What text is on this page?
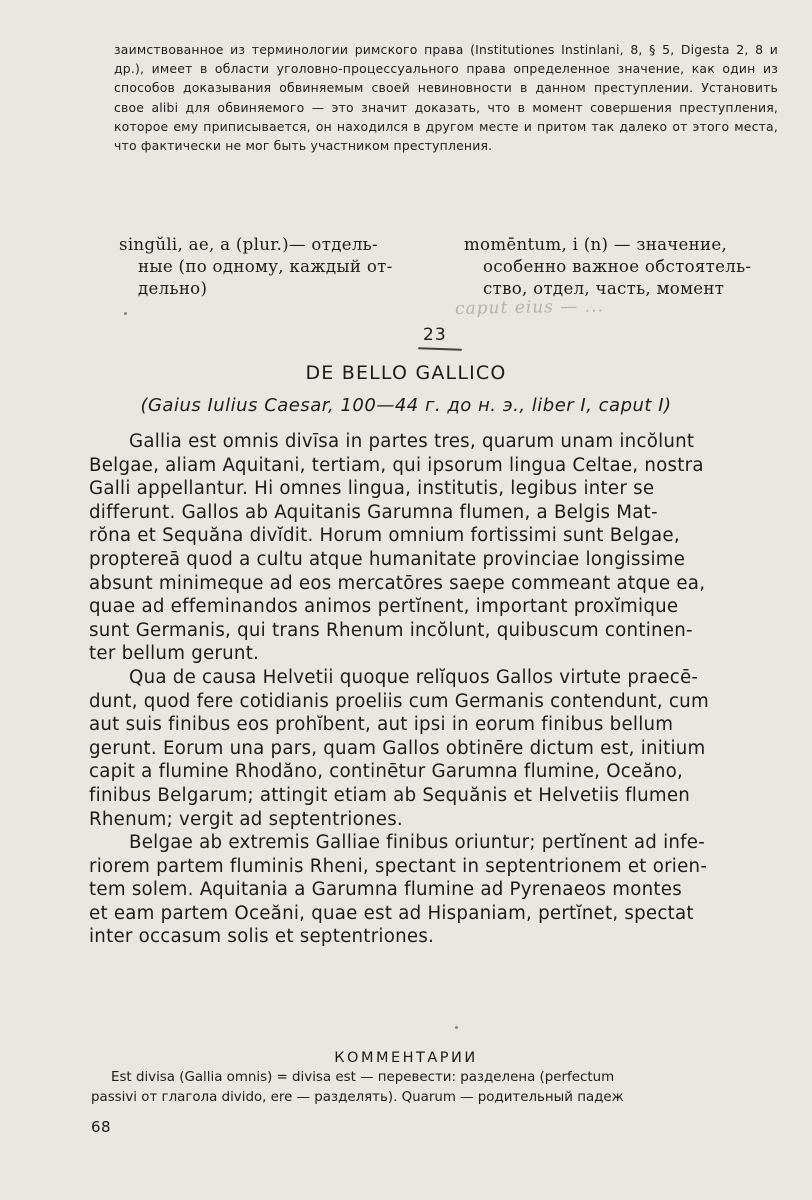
заимствованное из терминологии римского права (Institutiones Instinlani, 8, § 5, Digesta 2, 8 и др.), имеет в области уголовно-процессуального права определенное значение, как один из способов доказывания обвиняемым своей невиновности в данном преступлении. Установить свое alibi для обвиняемого — это значит доказать, что в момент совершения преступления, которое ему приписывается, он находился в другом месте и притом так далеко от этого места, что фактически не мог быть участником преступления.

singŭli, ae, a (plur.)— отдель-
ные (по одному, каждый от-
дельно)
momēntum, i (n) — значение,
особенно важное обстоятель-
ство, отдел, часть, момент
caput eius — ...
23
DE BELLO GALLICO
(Gaius Iulius Caesar, 100—44 г. до н. э., liber I, caput I)
Gallia est omnis divīsa in partes tres, quarum unam incŏlunt
Belgae, aliam Aquitani, tertiam, qui ipsorum lingua Celtae, nostra
Galli appellantur. Hi omnes lingua, institutis, legibus inter se
differunt. Gallos ab Aquitanis Garumna flumen, a Belgis Mat-
rŏna et Sequăna divĭdit. Horum omnium fortissimi sunt Belgae,
proptereā quod a cultu atque humanitate provinciae longissime
absunt minimeque ad eos mercatōres saepe commeant atque ea,
quae ad effeminandos animos pertĭnent, important proxĭmique
sunt Germanis, qui trans Rhenum incŏlunt, quibuscum continen-
ter bellum gerunt.
Qua de causa Helvetii quoque relĭquos Gallos virtute praecē-
dunt, quod fere cotidianis proeliis cum Germanis contendunt, cum
aut suis finibus eos prohĭbent, aut ipsi in eorum finibus bellum
gerunt. Eorum una pars, quam Gallos obtinēre dictum est, initium
capit a flumine Rhodăno, continētur Garumna flumine, Oceăno,
finibus Belgarum; attingit etiam ab Sequănis et Helvetiis flumen
Rhenum; vergit ad septentriones.
Belgae ab extremis Galliae finibus oriuntur; pertĭnent ad infe-
riorem partem fluminis Rheni, spectant in septentrionem et orien-
tem solem. Aquitania a Garumna flumine ad Pyrenaeos montes
et eam partem Oceăni, quae est ad Hispaniam, pertĭnet, spectat
inter occasum solis et septentriones.
КОММЕНТАРИИ
Est divisa (Gallia omnis) = divisa est — перевести: разделена (perfectum
passivi от глагола divido, ere — разделять). Quarum — родительный падеж
68
